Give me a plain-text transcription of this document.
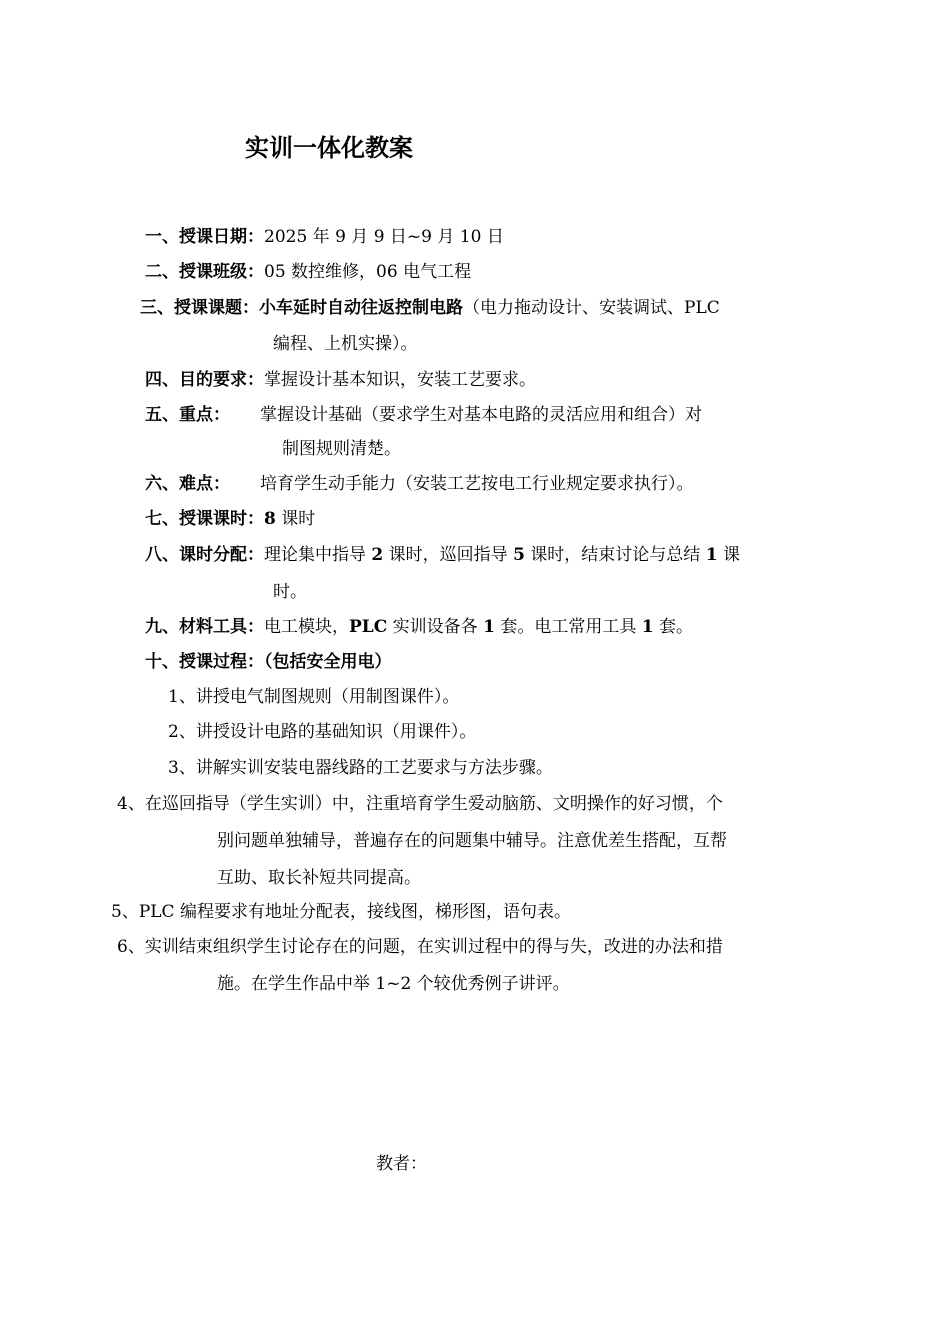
实训一体化教案
一、授课日期：2025 年 9 月 9 日~9 月 10 日
二、授课班级：05 数控维修，06 电气工程
三、授课课题：小车延时自动往返控制电路（电力拖动设计、安装调试、PLC
编程、上机实操）。
四、目的要求：掌握设计基本知识，安装工艺要求。
五、重点： 掌握设计基础（要求学生对基本电路的灵活应用和组合）对
制图规则清楚。
六、难点： 培育学生动手能力（安装工艺按电工行业规定要求执行）。
七、授课课时：8 课时
八、课时分配：理论集中指导 2 课时，巡回指导 5 课时，结束讨论与总结 1 课
时。
九、材料工具：电工模块，PLC 实训设备各 1 套。电工常用工具 1 套。
十、授课过程：（包括安全用电）
1、讲授电气制图规则（用制图课件）。
2、讲授设计电路的基础知识（用课件）。
3、讲解实训安装电器线路的工艺要求与方法步骤。
4、在巡回指导（学生实训）中，注重培育学生爱动脑筋、文明操作的好习惯，个
别问题单独辅导，普遍存在的问题集中辅导。注意优差生搭配，互帮
互助、取长补短共同提高。
5、PLC 编程要求有地址分配表，接线图，梯形图，语句表。
6、实训结束组织学生讨论存在的问题，在实训过程中的得与失，改进的办法和措
施。在学生作品中举 1~2 个较优秀例子讲评。
教者：
